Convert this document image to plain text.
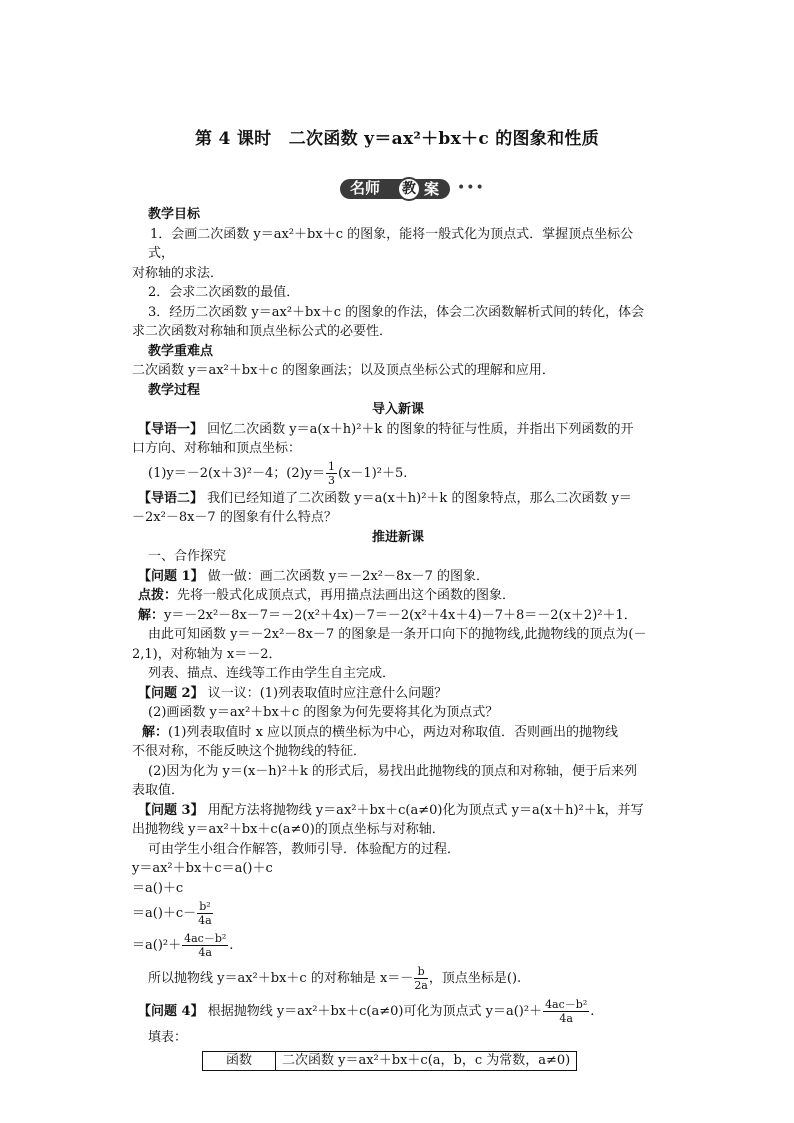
第 4 课时　二次函数 y＝ax²＋bx＋c 的图象和性质
名师 教 案 •••

教学目标

1．会画二次函数 y＝ax²＋bx＋c 的图象，能将一般式化为顶点式．掌握顶点坐标公式，

对称轴的求法．

2．会求二次函数的最值．

3．经历二次函数 y＝ax²＋bx＋c 的图象的作法，体会二次函数解析式间的转化，体会

求二次函数对称轴和顶点坐标公式的必要性．

教学重难点

二次函数 y＝ax²＋bx＋c 的图象画法；以及顶点坐标公式的理解和应用．

教学过程

导入新课

【导语一】 回忆二次函数 y＝a(x＋h)²＋k 的图象的特征与性质，并指出下列函数的开

口方向、对称轴和顶点坐标：

(1)y＝－2(x＋3)²－4；$(2)y= \frac{1}{3} (x-1)^2+5$.

【导语二】 我们已经知道了二次函数 y＝a(x＋h)²＋k 的图象特点，那么二次函数 y＝

－2x²－8x－7 的图象有什么特点？

推进新课

一、合作探究

【问题 1】 做一做：画二次函数 y＝－2x²－8x－7 的图象．

点拨：先将一般式化成顶点式，再用描点法画出这个函数的图象．

解：y＝－2x²－8x－7＝－2(x²＋4x)－7＝－2(x²＋4x＋4)－7＋8＝－2(x＋2)²＋1．

由此可知函数 y＝－2x²－8x－7 的图象是一条开口向下的抛物线,此抛物线的顶点为(－

2,1)，对称轴为 x＝－2．

列表、描点、连线等工作由学生自主完成．

【问题 2】 议一议：(1)列表取值时应注意什么问题？

(2)画函数 y＝ax²＋bx＋c 的图象为何先要将其化为顶点式？

解：(1)列表取值时 x 应以顶点的横坐标为中心，两边对称取值．否则画出的抛物线

不很对称，不能反映这个抛物线的特征．

(2)因为化为 y＝(x－h)²＋k 的形式后，易找出此抛物线的顶点和对称轴，便于后来列

表取值．

【问题 3】 用配方法将抛物线 y＝ax²＋bx＋c(a≠0)化为顶点式 y＝a(x＋h)²＋k，并写

出抛物线 y＝ax²＋bx＋c(a≠0)的顶点坐标与对称轴．

可由学生小组合作解答，教师引导．体验配方的过程．

y＝ax²＋bx＋c＝a()＋c

＝a()＋c

$=a()+c- \frac{\text{b²}}{4a}$

$=a()^2+ \frac{\text{4ac－b²}}{4a}$ .

所以抛物线 y＝ax²＋bx＋c 的对称轴是 $x=- \frac{b}{2a}$ ，顶点坐标是().

【问题 4】 根据抛物线 y＝ax²＋bx＋c(a≠0)可化为顶点式 $y=a()^2+ \frac{\text{4ac－b²}}{4a}$ .

填表：

函数	二次函数 y＝ax²＋bx＋c(a，b，c 为常数，a≠0)
